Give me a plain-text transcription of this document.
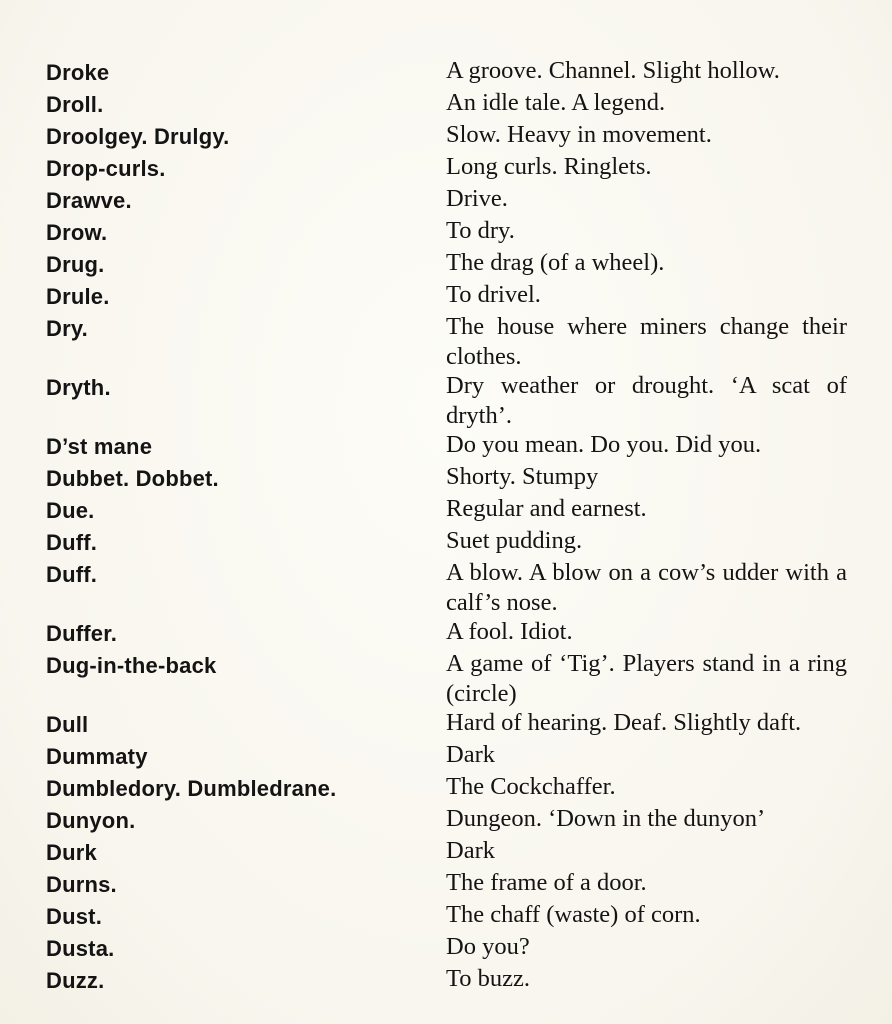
Droke	A groove. Channel. Slight hollow.
Droll.	An idle tale. A legend.
Droolgey. Drulgy.	Slow. Heavy in movement.
Drop-curls.	Long curls. Ringlets.
Drawve.	Drive.
Drow.	To dry.
Drug.	The drag (of a wheel).
Drule.	To drivel.
Dry.	The house where miners change their clothes.
Dryth.	Dry weather or drought. ‘A scat of dryth’.
D’st mane	Do you mean. Do you. Did you.
Dubbet. Dobbet.	Shorty. Stumpy
Due.	Regular and earnest.
Duff.	Suet pudding.
Duff.	A blow. A blow on a cow’s udder with a calf’s nose.
Duffer.	A fool. Idiot.
Dug-in-the-back	A game of ‘Tig’. Players stand in a ring (circle)
Dull	Hard of hearing. Deaf. Slightly daft.
Dummaty	Dark
Dumbledory. Dumbledrane.	The Cockchaffer.
Dunyon.	Dungeon. ‘Down in the dunyon’
Durk	Dark
Durns.	The frame of a door.
Dust.	The chaff (waste) of corn.
Dusta.	Do you?
Duzz.	To buzz.
